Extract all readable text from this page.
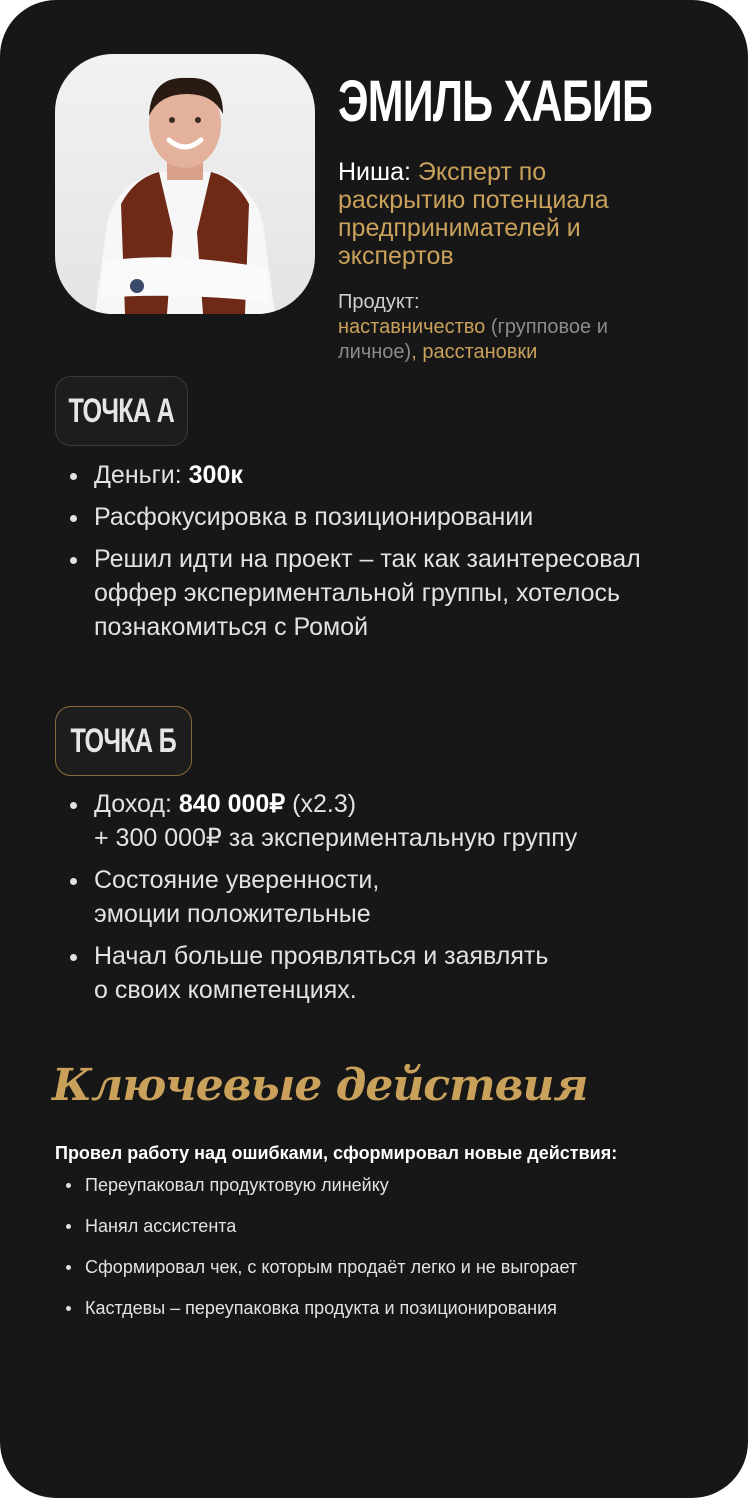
ЭМИЛЬ ХАБИБ
Ниша: Эксперт по раскрытию потенциала предпринимателей и экспертов
Продукт:
наставничество (групповое и личное), расстановки
ТОЧКА А
Деньги: 300к
Расфокусировка в позиционировании
Решил идти на проект – так как заинтересовал оффер экспериментальной группы, хотелось познакомиться с Ромой
ТОЧКА Б
Доход: 840 000₽ (x2.3)
+ 300 000₽ за экспериментальную группу
Состояние уверенности, эмоции положительные
Начал больше проявляться и заявлять о своих компетенциях.
Ключевые действия

Провел работу над ошибками, сформировал новые действия:

Переупаковал продуктовую линейку
Нанял ассистента
Сформировал чек, с которым продаёт легко и не выгорает
Кастдевы – переупаковка продукта и позиционирования
